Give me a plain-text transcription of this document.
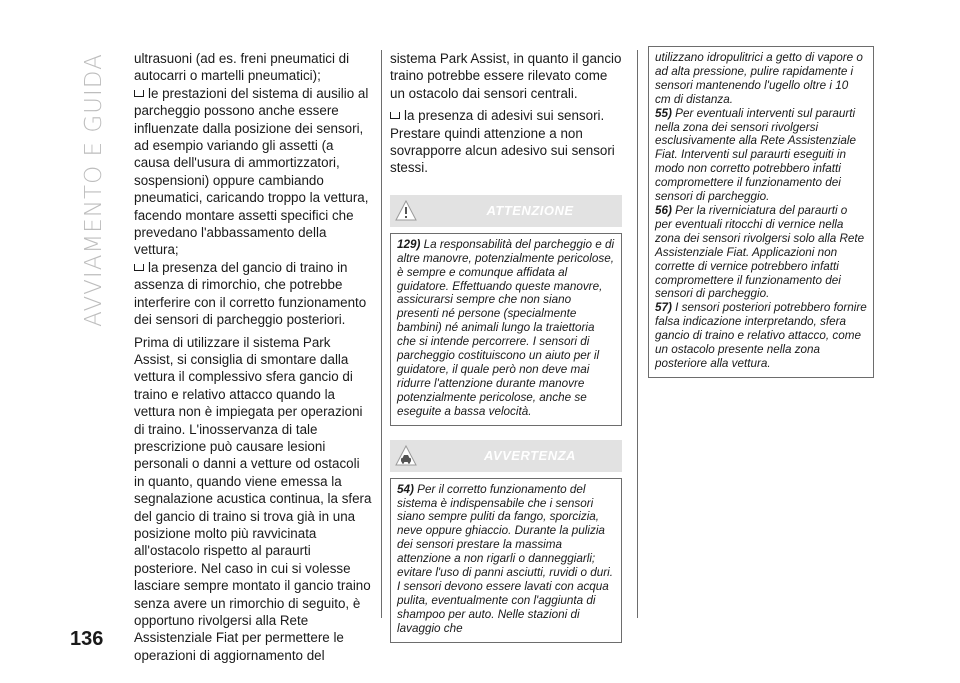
AVVIAMENTO E GUIDA
136

ultrasuoni (ad es. freni pneumatici di autocarri o martelli pneumatici);

le prestazioni del sistema di ausilio al parcheggio possono anche essere influenzate dalla posizione dei sensori, ad esempio variando gli assetti (a causa dell'usura di ammortizzatori, sospensioni) oppure cambiando pneumatici, caricando troppo la vettura, facendo montare assetti specifici che prevedano l'abbassamento della vettura;

la presenza del gancio di traino in assenza di rimorchio, che potrebbe interferire con il corretto funzionamento dei sensori di parcheggio posteriori.

Prima di utilizzare il sistema Park Assist, si consiglia di smontare dalla vettura il complessivo sfera gancio di traino e relativo attacco quando la vettura non è impiegata per operazioni di traino. L'inosservanza di tale prescrizione può causare lesioni personali o danni a vetture od ostacoli in quanto, quando viene emessa la segnalazione acustica continua, la sfera del gancio di traino si trova già in una posizione molto più ravvicinata all'ostacolo rispetto al paraurti posteriore. Nel caso in cui si volesse lasciare sempre montato il gancio traino senza avere un rimorchio di seguito, è opportuno rivolgersi alla Rete Assistenziale Fiat per permettere le operazioni di aggiornamento del

sistema Park Assist, in quanto il gancio traino potrebbe essere rilevato come un ostacolo dai sensori centrali.

la presenza di adesivi sui sensori. Prestare quindi attenzione a non sovrapporre alcun adesivo sui sensori stessi.

ATTENZIONE
129) La responsabilità del parcheggio e di altre manovre, potenzialmente pericolose, è sempre e comunque affidata al guidatore. Effettuando queste manovre, assicurarsi sempre che non siano presenti né persone (specialmente bambini) né animali lungo la traiettoria che si intende percorrere. I sensori di parcheggio costituiscono un aiuto per il guidatore, il quale però non deve mai ridurre l'attenzione durante manovre potenzialmente pericolose, anche se eseguite a bassa velocità.
AVVERTENZA
54) Per il corretto funzionamento del sistema è indispensabile che i sensori siano sempre puliti da fango, sporcizia, neve oppure ghiaccio. Durante la pulizia dei sensori prestare la massima attenzione a non rigarli o danneggiarli; evitare l'uso di panni asciutti, ruvidi o duri. I sensori devono essere lavati con acqua pulita, eventualmente con l'aggiunta di shampoo per auto. Nelle stazioni di lavaggio che

utilizzano idropulitrici a getto di vapore o ad alta pressione, pulire rapidamente i sensori mantenendo l'ugello oltre i 10 cm di distanza.

55) Per eventuali interventi sul paraurti nella zona dei sensori rivolgersi esclusivamente alla Rete Assistenziale Fiat. Interventi sul paraurti eseguiti in modo non corretto potrebbero infatti compromettere il funzionamento dei sensori di parcheggio.

56) Per la riverniciatura del paraurti o per eventuali ritocchi di vernice nella zona dei sensori rivolgersi solo alla Rete Assistenziale Fiat. Applicazioni non corrette di vernice potrebbero infatti compromettere il funzionamento dei sensori di parcheggio.

57) I sensori posteriori potrebbero fornire falsa indicazione interpretando, sfera gancio di traino e relativo attacco, come un ostacolo presente nella zona posteriore alla vettura.
